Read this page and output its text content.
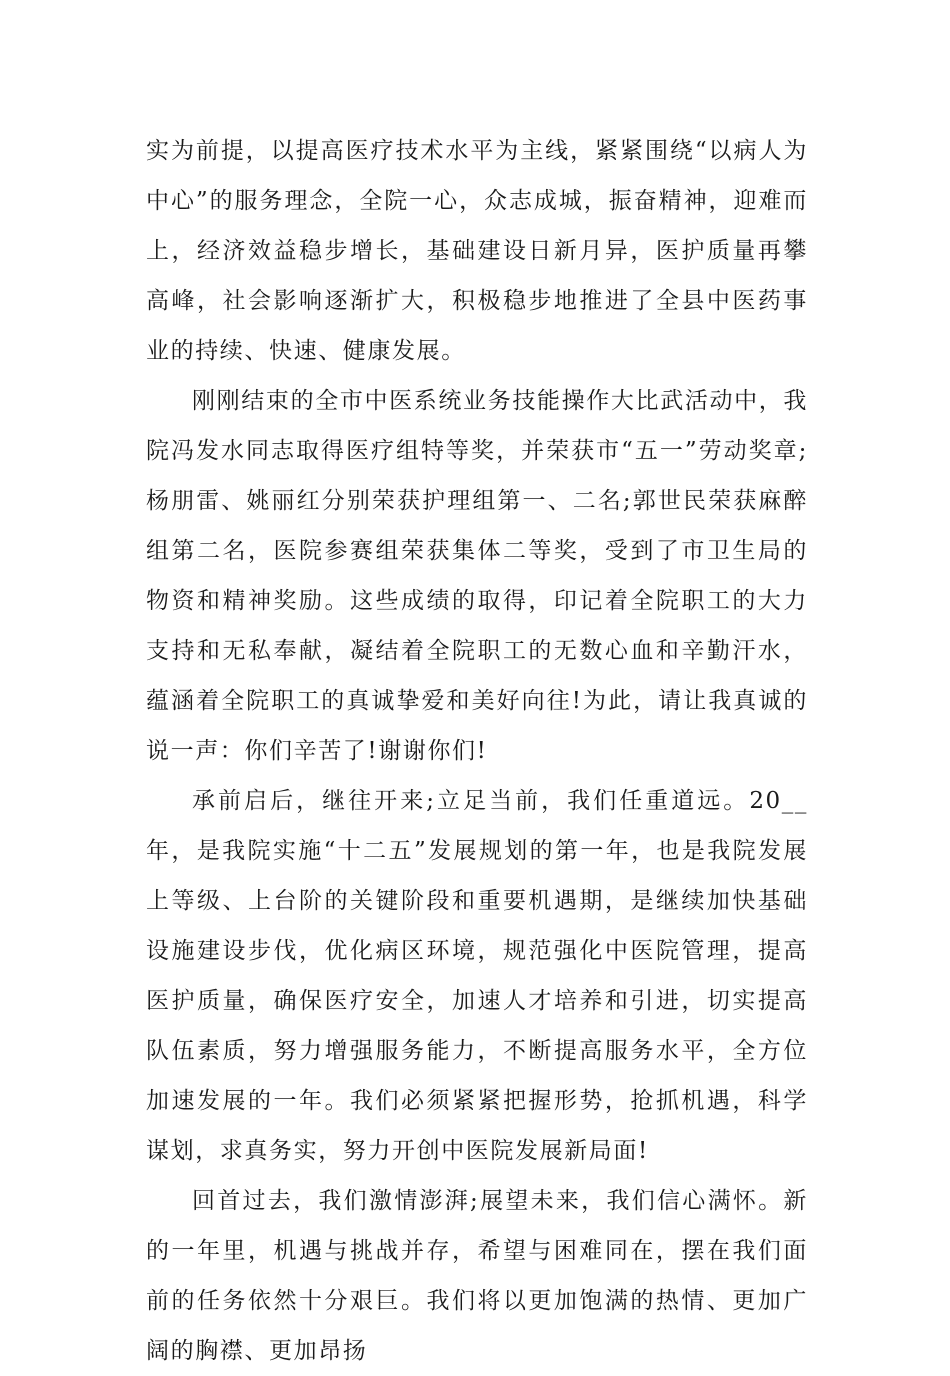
实为前提，以提高医疗技术水平为主线，紧紧围绕“以病人为中心”的服务理念，全院一心，众志成城，振奋精神，迎难而上，经济效益稳步增长，基础建设日新月异，医护质量再攀高峰，社会影响逐渐扩大，积极稳步地推进了全县中医药事业的持续、快速、健康发展。

刚刚结束的全市中医系统业务技能操作大比武活动中，我院冯发水同志取得医疗组特等奖，并荣获市“五一”劳动奖章;杨朋雷、姚丽红分别荣获护理组第一、二名;郭世民荣获麻醉组第二名，医院参赛组荣获集体二等奖，受到了市卫生局的物资和精神奖励。这些成绩的取得，印记着全院职工的大力支持和无私奉献，凝结着全院职工的无数心血和辛勤汗水，蕴涵着全院职工的真诚挚爱和美好向往!为此，请让我真诚的说一声：你们辛苦了!谢谢你们!

承前启后，继往开来;立足当前，我们任重道远。20__年，是我院实施“十二五”发展规划的第一年，也是我院发展上等级、上台阶的关键阶段和重要机遇期，是继续加快基础设施建设步伐，优化病区环境，规范强化中医院管理，提高医护质量，确保医疗安全，加速人才培养和引进，切实提高队伍素质，努力增强服务能力，不断提高服务水平，全方位加速发展的一年。我们必须紧紧把握形势，抢抓机遇，科学谋划，求真务实，努力开创中医院发展新局面!

回首过去，我们激情澎湃;展望未来，我们信心满怀。新的一年里，机遇与挑战并存，希望与困难同在，摆在我们面前的任务依然十分艰巨。我们将以更加饱满的热情、更加广阔的胸襟、更加昂扬
